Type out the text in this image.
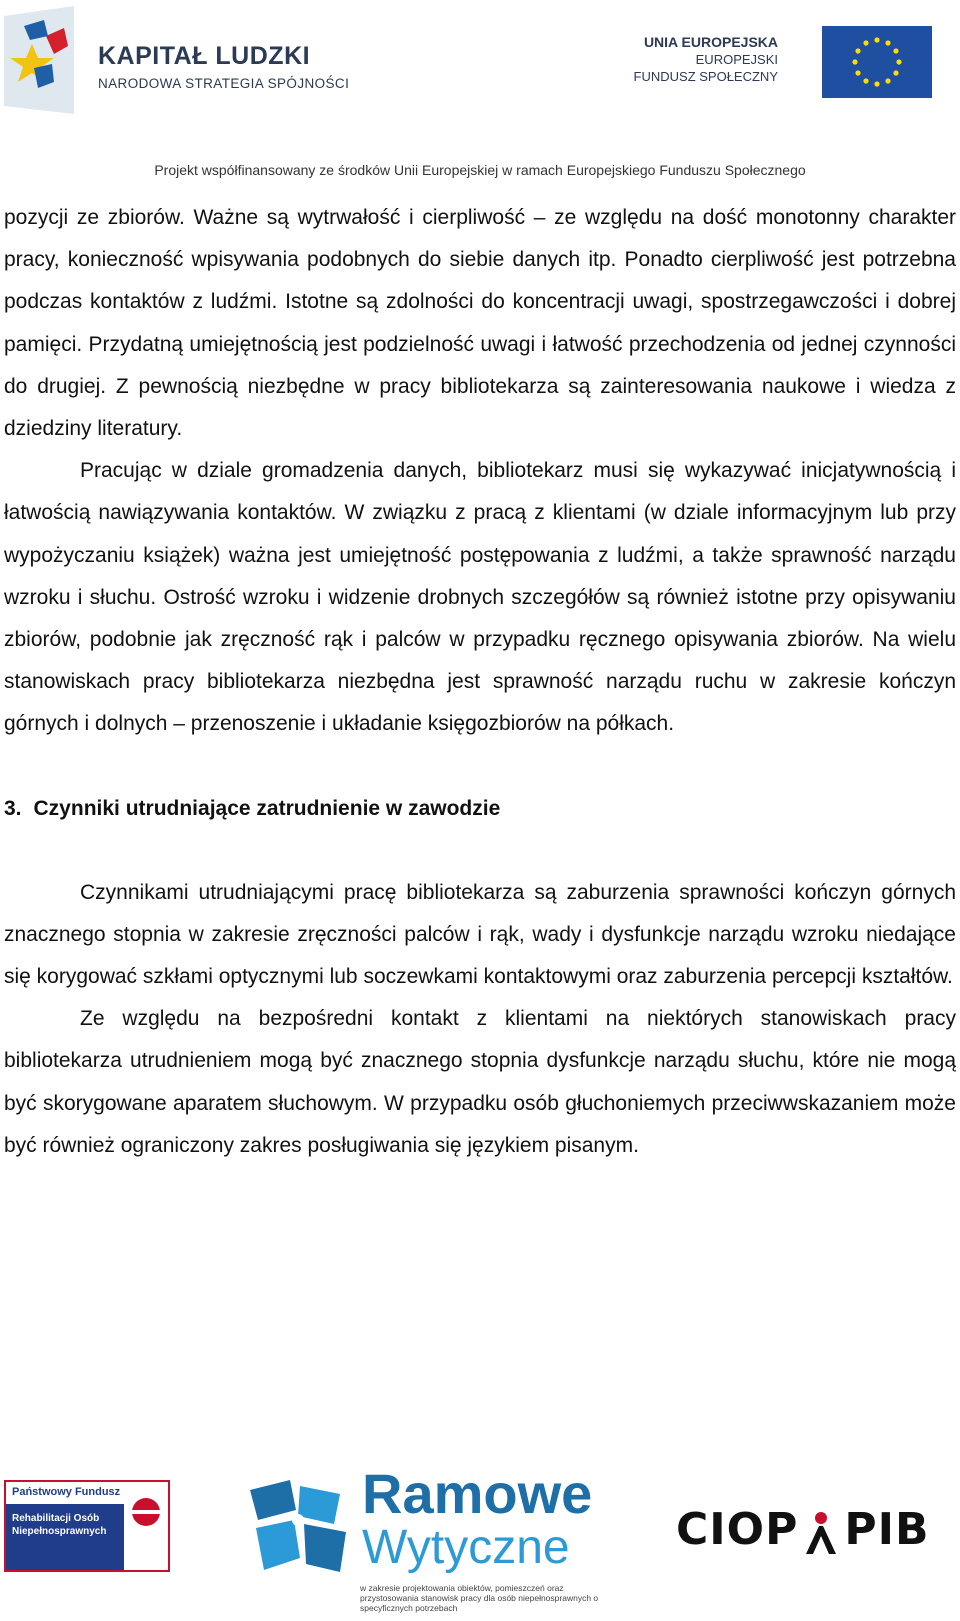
KAPITAŁ LUDZKI
NARODOWA STRATEGIA SPÓJNOŚCI
UNIA EUROPEJSKA
EUROPEJSKI
FUNDUSZ SPOŁECZNY
Projekt współfinansowany ze środków Unii Europejskiej w ramach Europejskiego Funduszu Społecznego

pozycji ze zbiorów. Ważne są wytrwałość i cierpliwość – ze względu na dość monotonny charakter pracy, konieczność wpisywania podobnych do siebie danych itp. Ponadto cierpliwość jest potrzebna podczas kontaktów z ludźmi. Istotne są zdolności do koncentracji uwagi, spostrzegawczości i dobrej pamięci. Przydatną umiejętnością jest podzielność uwagi i łatwość przechodzenia od jednej czynności do drugiej. Z pewnością niezbędne w pracy bibliotekarza są zainteresowania naukowe i wiedza z dziedziny literatury.

Pracując w dziale gromadzenia danych, bibliotekarz musi się wykazywać inicjatywnością i łatwością nawiązywania kontaktów. W związku z pracą z klientami (w dziale informacyjnym lub przy wypożyczaniu książek) ważna jest umiejętność postępowania z ludźmi, a także sprawność narządu wzroku i słuchu. Ostrość wzroku i widzenie drobnych szczegółów są również istotne przy opisywaniu zbiorów, podobnie jak zręczność rąk i palców w przypadku ręcznego opisywania zbiorów. Na wielu stanowiskach pracy bibliotekarza niezbędna jest sprawność narządu ruchu w zakresie kończyn górnych i dolnych – przenoszenie i układanie księgozbiorów na półkach.

3. Czynniki utrudniające zatrudnienie w zawodzie

Czynnikami utrudniającymi pracę bibliotekarza są zaburzenia sprawności kończyn górnych znacznego stopnia w zakresie zręczności palców i rąk, wady i dysfunkcje narządu wzroku niedające się korygować szkłami optycznymi lub soczewkami kontaktowymi oraz zaburzenia percepcji kształtów.

Ze względu na bezpośredni kontakt z klientami na niektórych stanowiskach pracy bibliotekarza utrudnieniem mogą być znacznego stopnia dysfunkcje narządu słuchu, które nie mogą być skorygowane aparatem słuchowym. W przypadku osób głuchoniemych przeciwwskazaniem może być również ograniczony zakres posługiwania się językiem pisanym.

Państwowy Fundusz
Rehabilitacji Osób Niepełnosprawnych
Ramowe
Wytyczne
w zakresie projektowania obiektów, pomieszczeń oraz przystosowania stanowisk pracy dla osób niepełnosprawnych o specyficznych potrzebach
CIOP PIB
